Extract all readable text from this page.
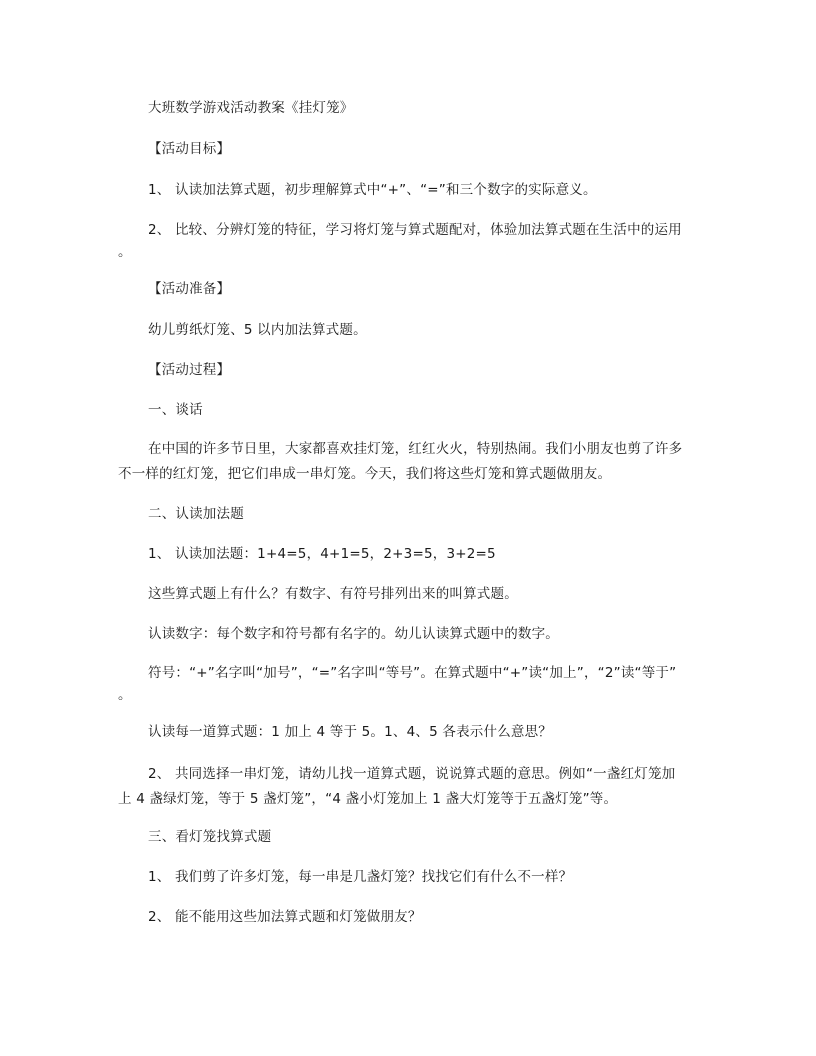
大班数学游戏活动教案《挂灯笼》
【活动目标】
1、 认读加法算式题，初步理解算式中“+”、“=”和三个数字的实际意义。
2、 比较、分辨灯笼的特征，学习将灯笼与算式题配对，体验加法算式题在生活中的运用
。
【活动准备】
幼儿剪纸灯笼、5 以内加法算式题。
【活动过程】
一、谈话
在中国的许多节日里，大家都喜欢挂灯笼，红红火火，特别热闹。我们小朋友也剪了许多
不一样的红灯笼，把它们串成一串灯笼。今天，我们将这些灯笼和算式题做朋友。
二、认读加法题
1、 认读加法题：1+4=5，4+1=5，2+3=5，3+2=5
这些算式题上有什么？有数字、有符号排列出来的叫算式题。
认读数字：每个数字和符号都有名字的。幼儿认读算式题中的数字。
符号：“+”名字叫“加号”，“=”名字叫“等号”。在算式题中“+”读“加上”，“2”读“等于”
。
认读每一道算式题：1 加上 4 等于 5。1、4、5 各表示什么意思？
2、 共同选择一串灯笼，请幼儿找一道算式题，说说算式题的意思。例如“一盏红灯笼加
上 4 盏绿灯笼，等于 5 盏灯笼”，“4 盏小灯笼加上 1 盏大灯笼等于五盏灯笼”等。
三、看灯笼找算式题
1、 我们剪了许多灯笼，每一串是几盏灯笼？找找它们有什么不一样？
2、 能不能用这些加法算式题和灯笼做朋友？
